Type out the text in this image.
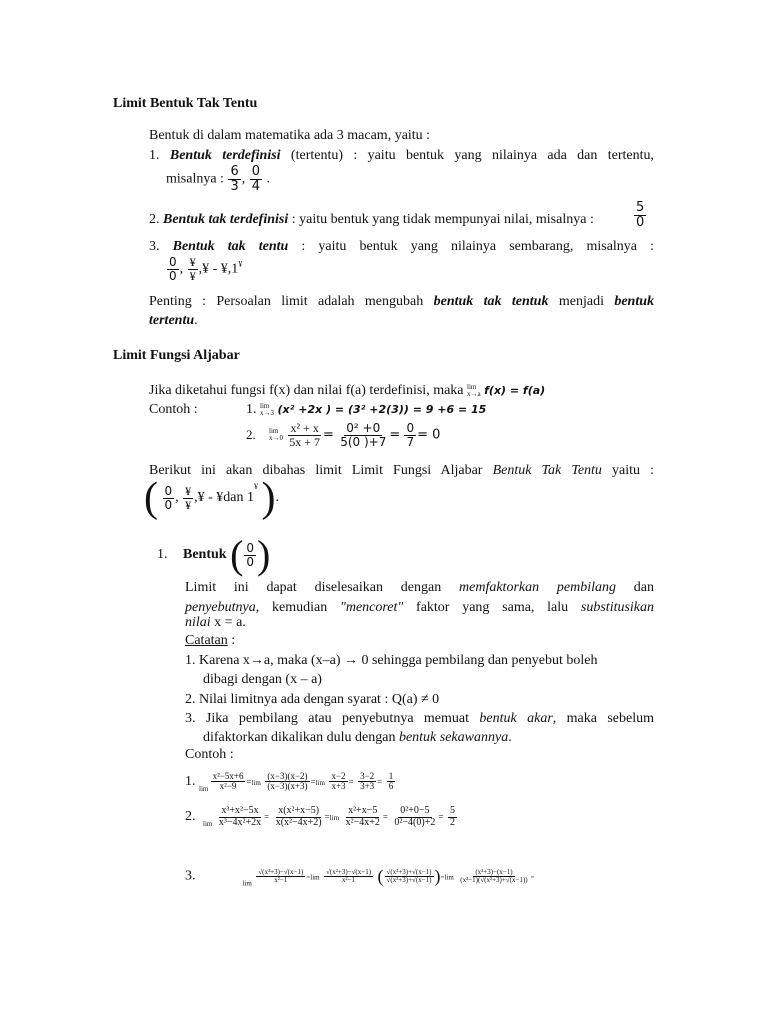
Limit Bentuk Tak Tentu
Bentuk di dalam matematika ada 3 macam, yaitu :
1. Bentuk terdefinisi (tertentu) : yaitu bentuk yang nilainya ada dan tertentu,
misalnya : $\frac{6}{3}$ , $\frac{0}{4}$ .
2. Bentuk tak terdefinisi : yaitu bentuk yang tidak mempunyai nilai, misalnya :	$\frac{5}{0}$
3. Bentuk tak tentu : yaitu bentuk yang nilainya sembarang, misalnya :
$\frac{0}{0}$ , $\frac{¥}{¥}$ ,¥ - ¥,1¥
Penting : Persoalan limit adalah mengubah bentuk tak tentuk menjadi bentuk
tertentu.
Limit Fungsi Aljabar
Jika diketahui fungsi f(x) dan nilai f(a) terdefinisi, maka lim
x→a f(x) = f(a)
Contoh :	1. lim
x→3 (x² +2x ) = (3² +2(3)) = 9 +6 = 15
2. lim
x→0
$\frac{\text{x² + x}}{5x + 7} = \frac{\text{0² +0}}{5(0 )+7} = \frac{0}{7} = 0$
Berikut ini akan dibahas limit Limit Fungsi Aljabar Bentuk Tak Tentu yaitu :
( $\frac{0}{0}$ , $\frac{¥}{¥}$ ,¥ - ¥dan 1¥ ).
1. Bentuk ( $\frac{0}{0}$ )
Limit ini dapat diselesaikan dengan memfaktorkan pembilang dan
penyebutnya, kemudian "mencoret" faktor yang sama, lalu substitusikan
nilai x = a.
Catatan :
1. Karena x→a, maka (x–a) → 0 sehingga pembilang dan penyebut boleh
dibagi dengan (x – a)
2. Nilai limitnya ada dengan syarat : Q(a) ≠ 0
3. Jika pembilang atau penyebutnya memuat bentuk akar, maka sebelum
difaktorkan dikalikan dulu dengan bentuk sekawannya.
Contoh :
1. $_{lim} \frac{\text{x²−5x+6}}{\text{x²−9}} =\lim \frac{(x-3)(x-2)}{(x-3)(x+3)} =\lim \frac{x-2}{x+3} = \frac{3-2}{3+3} = \frac{1}{6}$
2. $_{lim} \frac{\text{x³+x²−5x}}{\text{x³−4x²+2x}} = \frac{\text{x(x²+x−5)}}{\text{x(x²−4x+2)}} =\lim \frac{\text{x²+x−5}}{\text{x²−4x+2}} = \frac{\text{0²+0−5}}{\text{0²−4(0)+2}} = \frac{5}{2}$
3.  $_{lim} \frac{\text{√(x²+3)−√(x−1)}}{\text{x²−1}} =\lim \frac{\text{√(x²+3)−√(x−1)}}{\text{x²−1}}$ ( $\frac{\text{√(x²+3)+√(x−1)}}{\text{√(x²+3)+√(x−1)}} )=\lim \frac{\text{(x²+3)−(x−1)}}{\text{(x²−1)(√(x²+3)+√(x−1))}}$ =
